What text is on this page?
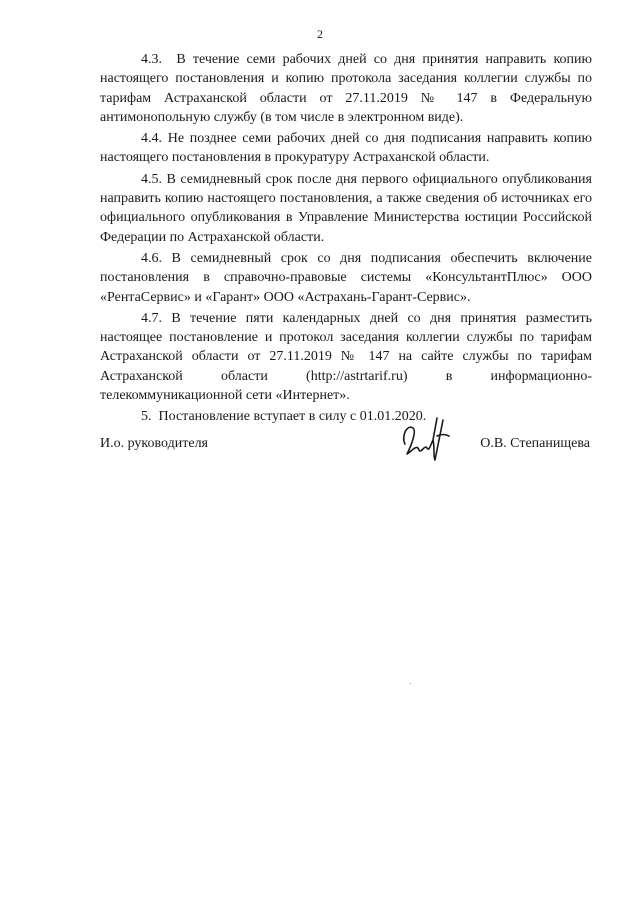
2

4.3.  В течение семи рабочих дней со дня принятия направить копию настоящего постановления и копию протокола заседания коллегии службы по тарифам Астраханской области от 27.11.2019 № 147 в Федеральную антимонопольную службу (в том числе в электронном виде).

4.4. Не позднее семи рабочих дней со дня подписания направить копию настоящего постановления в прокуратуру Астраханской области.

4.5. В семидневный срок после дня первого официального опубликования направить копию настоящего постановления, а также сведения об источниках его официального опубликования в Управление Министерства юстиции Российской Федерации по Астраханской области.

4.6. В семидневный срок со дня подписания обеспечить включение постановления в справочно-правовые системы «КонсультантПлюс» ООО «РентаСервис» и «Гарант» ООО «Астрахань-Гарант-Сервис».

4.7. В течение пяти календарных дней со дня принятия разместить настоящее постановление и протокол заседания коллегии службы по тарифам Астраханской области от 27.11.2019 № 147 на сайте службы по тарифам Астраханской области (http://astrtarif.ru) в информационно-телекоммуникационной сети «Интернет».

5.  Постановление вступает в силу с 01.01.2020.

И.о. руководителя	О.В. Степанищева
